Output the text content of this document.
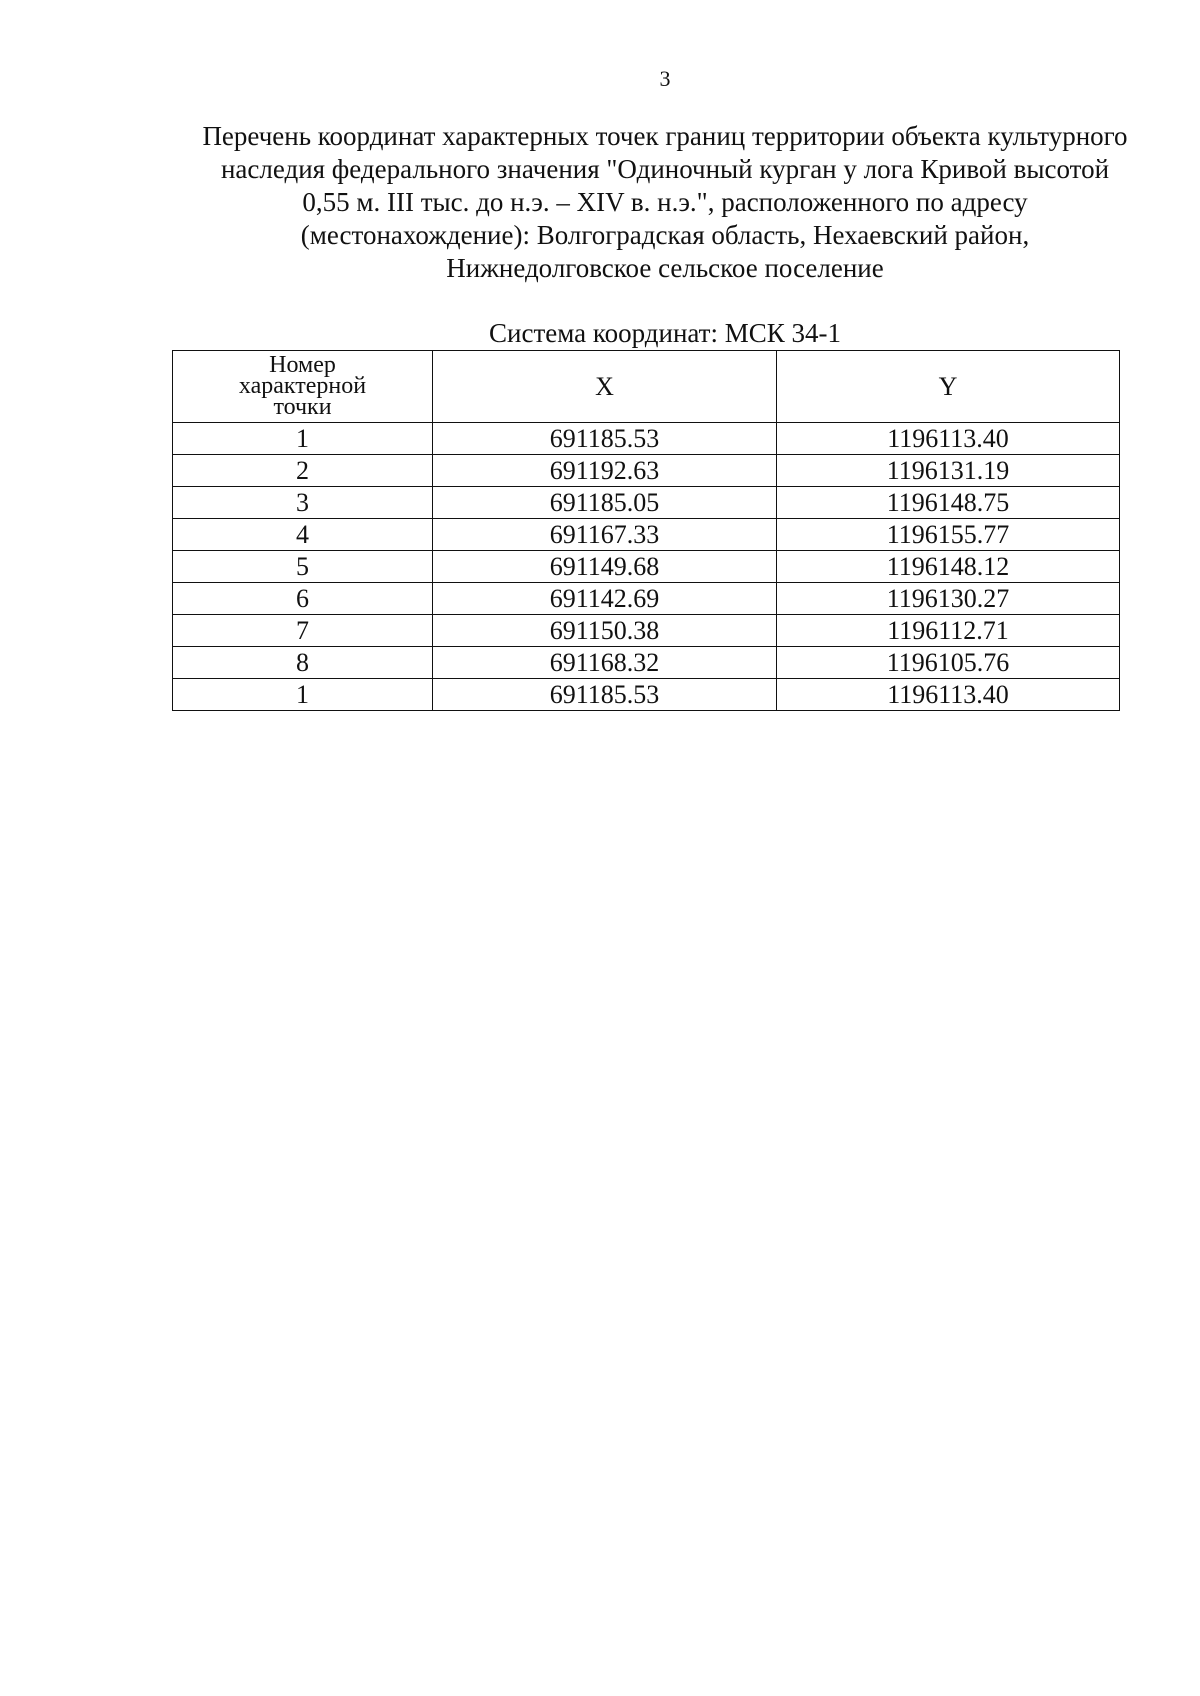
3
Перечень координат характерных точек границ территории объекта культурного
наследия федерального значения "Одиночный курган у лога Кривой высотой
0,55 м. III тыс. до н.э. – XIV в. н.э.", расположенного по адресу
(местонахождение): Волгоградская область, Нехаевский район,
Нижнедолговское сельское поселение
Система координат: МСК 34-1
Номер
характерной
точки	X	Y
1	691185.53	1196113.40
2	691192.63	1196131.19
3	691185.05	1196148.75
4	691167.33	1196155.77
5	691149.68	1196148.12
6	691142.69	1196130.27
7	691150.38	1196112.71
8	691168.32	1196105.76
1	691185.53	1196113.40
